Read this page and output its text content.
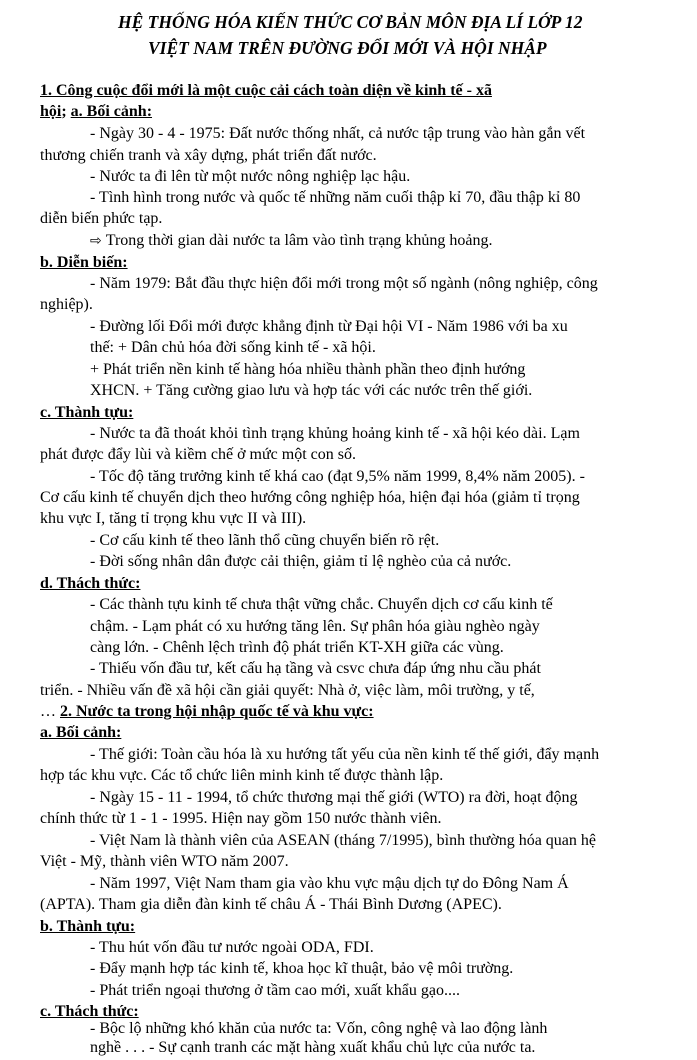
HỆ THỐNG HÓA KIẾN THỨC CƠ BẢN MÔN ĐỊA LÍ LỚP 12

VIỆT NAM TRÊN ĐƯỜNG ĐỔI MỚI VÀ HỘI NHẬP

1. Công cuộc đổi mới là một cuộc cải cách toàn diện về kinh tế - xã

hội; a. Bối cảnh:

- Ngày 30 - 4 - 1975: Đất nước thống nhất, cả nước tập trung vào hàn gắn vết

thương chiến tranh và xây dựng, phát triển đất nước.

- Nước ta đi lên từ một nước nông nghiệp lạc hậu.

- Tình hình trong nước và quốc tế những năm cuối thập kỉ 70, đầu thập kỉ 80

diễn biến phức tạp.

⇨ Trong thời gian dài nước ta lâm vào tình trạng khủng hoảng.

b. Diễn biến:

- Năm 1979: Bắt đầu thực hiện đổi mới trong một số ngành (nông nghiệp, công

nghiệp).

- Đường lối Đổi mới được khẳng định từ Đại hội VI - Năm 1986 với ba xu

thế: + Dân chủ hóa đời sống kinh tế - xã hội.

+ Phát triển nền kinh tế hàng hóa nhiều thành phần theo định hướng

XHCN. + Tăng cường giao lưu và hợp tác với các nước trên thế giới.

c. Thành tựu:

- Nước ta đã thoát khỏi tình trạng khủng hoảng kinh tế - xã hội kéo dài. Lạm

phát được đẩy lùi và kiềm chế ở mức một con số.

- Tốc độ tăng trưởng kinh tế khá cao (đạt 9,5% năm 1999, 8,4% năm 2005). -

Cơ cấu kinh tế chuyển dịch theo hướng công nghiệp hóa, hiện đại hóa (giảm tỉ trọng

khu vực I, tăng tỉ trọng khu vực II và III).

- Cơ cấu kinh tế theo lãnh thổ cũng chuyển biến rõ rệt.

- Đời sống nhân dân được cải thiện, giảm tỉ lệ nghèo của cả nước.

d. Thách thức:

- Các thành tựu kinh tế chưa thật vững chắc. Chuyển dịch cơ cấu kinh tế

chậm. - Lạm phát có xu hướng tăng lên. Sự phân hóa giàu nghèo ngày

càng lớn. - Chênh lệch trình độ phát triển KT-XH giữa các vùng.

- Thiếu vốn đầu tư, kết cấu hạ tầng và csvc chưa đáp ứng nhu cầu phát

triển. - Nhiều vấn đề xã hội cần giải quyết: Nhà ở, việc làm, môi trường, y tế,

… 2. Nước ta trong hội nhập quốc tế và khu vực:

a. Bối cảnh:

- Thế giới: Toàn cầu hóa là xu hướng tất yếu của nền kinh tế thế giới, đẩy mạnh

hợp tác khu vực. Các tổ chức liên minh kinh tế được thành lập.

- Ngày 15 - 11 - 1994, tổ chức thương mại thế giới (WTO) ra đời, hoạt động

chính thức từ 1 - 1 - 1995. Hiện nay gồm 150 nước thành viên.

- Việt Nam là thành viên của ASEAN (tháng 7/1995), bình thường hóa quan hệ

Việt - Mỹ, thành viên WTO năm 2007.

- Năm 1997, Việt Nam tham gia vào khu vực mậu dịch tự do Đông Nam Á

(APTA). Tham gia diễn đàn kinh tế châu Á - Thái Bình Dương (APEC).

b. Thành tựu:

- Thu hút vốn đầu tư nước ngoài ODA, FDI.

- Đẩy mạnh hợp tác kinh tế, khoa học kĩ thuật, bảo vệ môi trường.

- Phát triển ngoại thương ở tầm cao mới, xuất khẩu gạo....

c. Thách thức:

- Bộc lộ những khó khăn của nước ta: Vốn, công nghệ và lao động lành

nghề . . . - Sự cạnh tranh các mặt hàng xuất khẩu chủ lực của nước ta.
